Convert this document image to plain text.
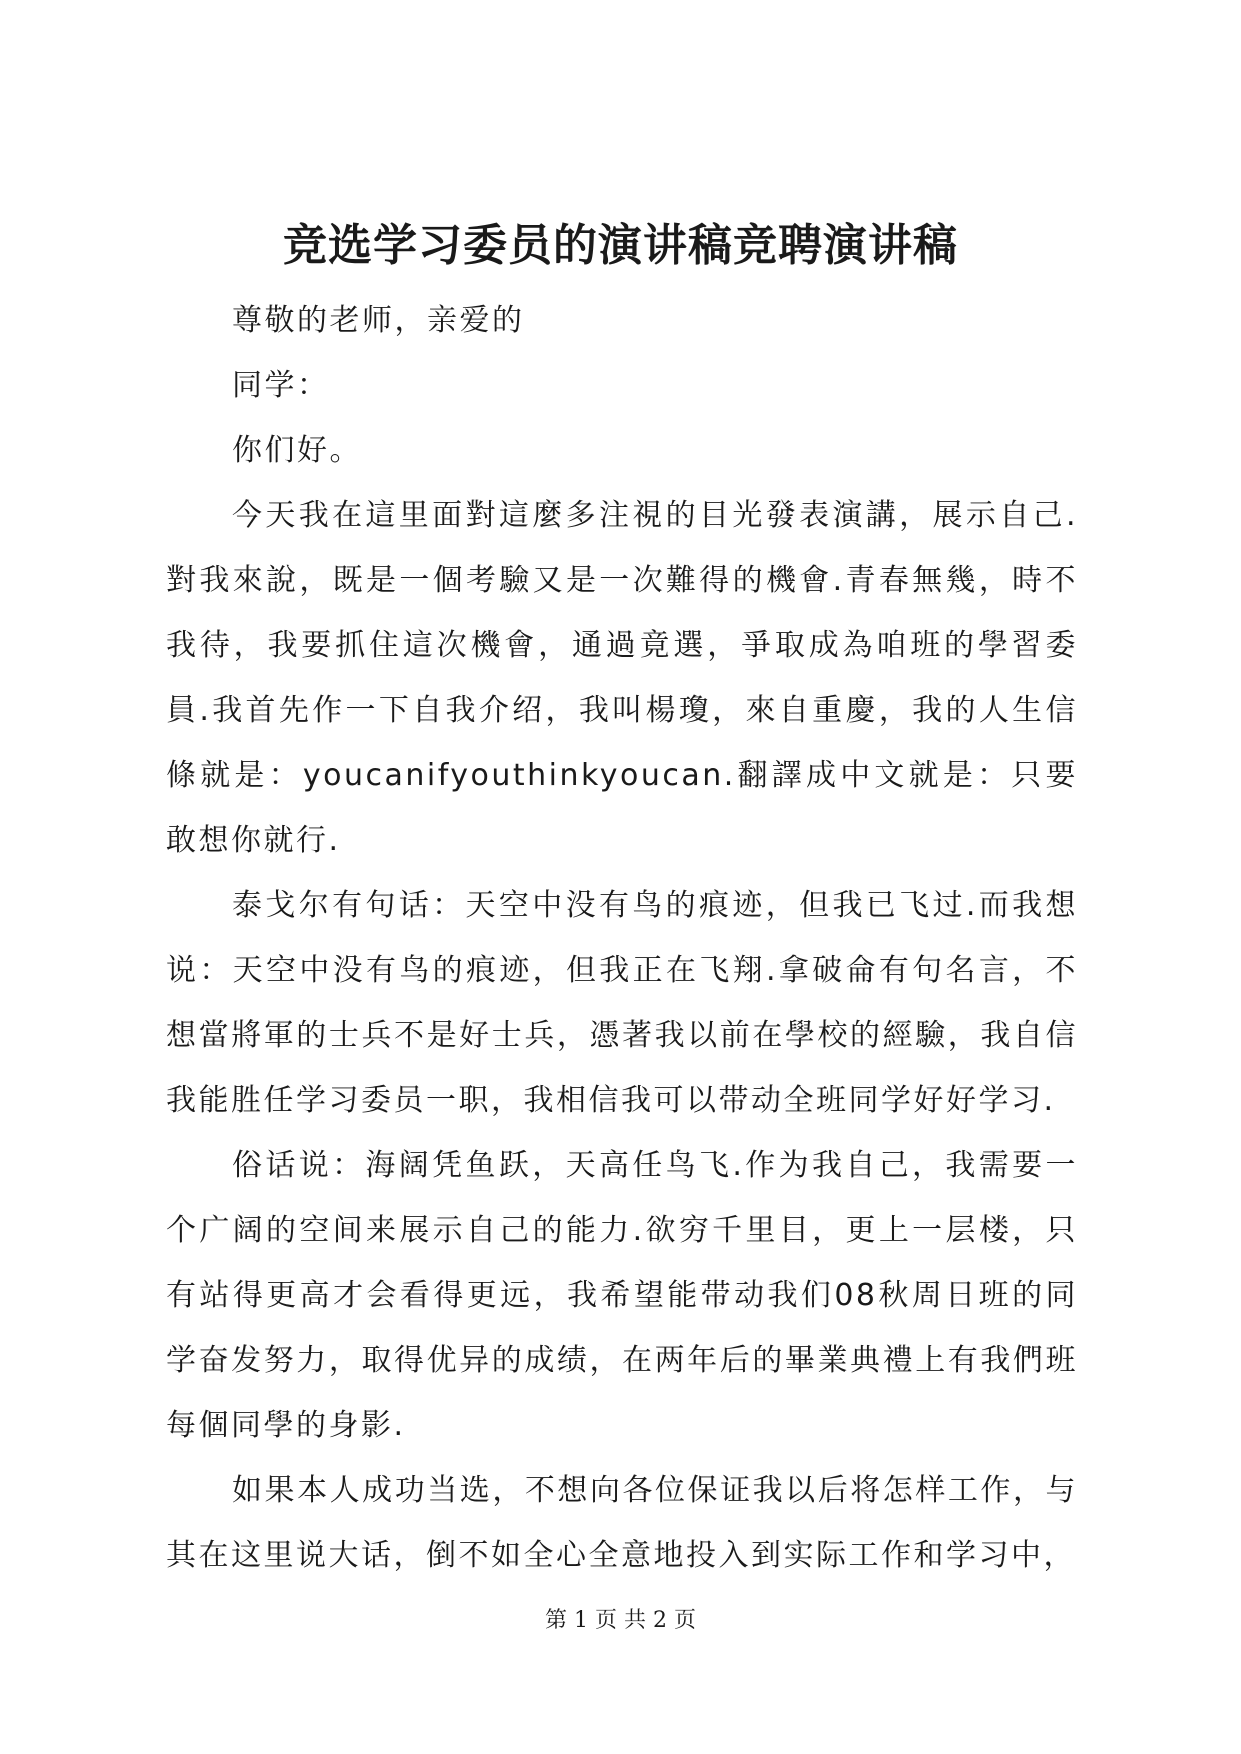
竞选学习委员的演讲稿竞聘演讲稿

尊敬的老师，亲爱的

同学：

你们好。

今天我在這里面對這麼多注視的目光發表演講，展示自己.對我來說，既是一個考驗又是一次難得的機會.青春無幾，時不我待，我要抓住這次機會，通過竟選，爭取成為咱班的學習委員.我首先作一下自我介绍，我叫楊瓊，來自重慶，我的人生信條就是：youcanifyouthinkyoucan.翻譯成中文就是：只要敢想你就行.

泰戈尔有句话：天空中没有鸟的痕迹，但我已飞过.而我想说：天空中没有鸟的痕迹，但我正在飞翔.拿破侖有句名言，不想當將軍的士兵不是好士兵，憑著我以前在學校的經驗，我自信我能胜任学习委员一职，我相信我可以带动全班同学好好学习.

俗话说：海阔凭鱼跃，天高任鸟飞.作为我自己，我需要一个广阔的空间来展示自己的能力.欲穷千里目，更上一层楼，只有站得更高才会看得更远，我希望能带动我们08秋周日班的同学奋发努力，取得优异的成绩，在两年后的畢業典禮上有我們班每個同學的身影.

如果本人成功当选，不想向各位保证我以后将怎样工作，与其在这里说大话，倒不如全心全意地投入到实际工作和学习中，

第 1 页 共 2 页
